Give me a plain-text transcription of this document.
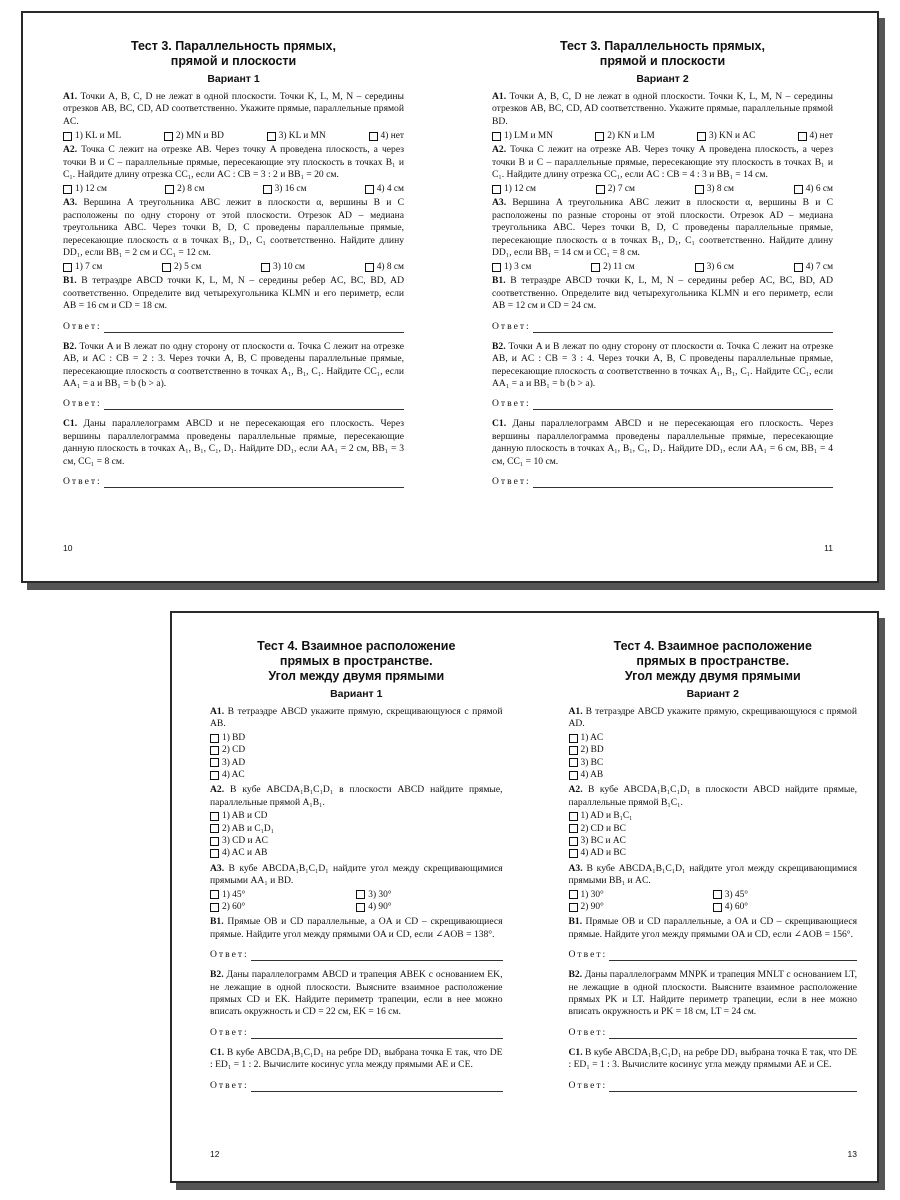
Тест 3. Параллельность прямых,
прямой и плоскости
Вариант 1

А1. Точки A, B, C, D не лежат в одной плоскости. Точки K, L, M, N – середины отрезков AB, BC, CD, AD соответственно. Укажите прямые, параллельные прямой AC.

1) KL и ML	2) MN и BD	3) KL и MN	4) нет

А2. Точка C лежит на отрезке AB. Через точку A проведена плоскость, а через точки B и C – параллельные прямые, пересекающие эту плоскость в точках B₁ и C₁. Найдите длину отрезка CC₁, если AC : CB = 3 : 2 и BB₁ = 20 см.

1) 12 см	2) 8 см	3) 16 см	4) 4 см

А3. Вершина A треугольника ABC лежит в плоскости α, вершины B и C расположены по одну сторону от этой плоскости. Отрезок AD – медиана треугольника ABC. Через точки B, D, C проведены параллельные прямые, пересекающие плоскость α в точках B₁, D₁, C₁ соответственно. Найдите длину DD₁, если BB₁ = 2 см и CC₁ = 12 см.

1) 7 см	2) 5 см	3) 10 см	4) 8 см

В1. В тетраэдре ABCD точки K, L, M, N – середины ребер AC, BC, BD, AD соответственно. Определите вид четырехугольника KLMN и его периметр, если AB = 16 см и CD = 18 см.

Ответ:

В2. Точки A и B лежат по одну сторону от плоскости α. Точка C лежит на отрезке AB, и AC : CB = 2 : 3. Через точки A, B, C проведены параллельные прямые, пересекающие плоскость α соответственно в точках A₁, B₁, C₁. Найдите CC₁, если AA₁ = a и BB₁ = b (b > a).

Ответ:

С1. Даны параллелограмм ABCD и не пересекающая его плоскость. Через вершины параллелограмма проведены параллельные прямые, пересекающие данную плоскость в точках A₁, B₁, C₁, D₁. Найдите DD₁, если AA₁ = 2 см, BB₁ = 3 см, CC₁ = 8 см.

Ответ:
10
Тест 3. Параллельность прямых,
прямой и плоскости
Вариант 2

А1. Точки A, B, C, D не лежат в одной плоскости. Точки K, L, M, N – середины отрезков AB, BC, CD, AD соответственно. Укажите прямые, параллельные прямой BD.

1) LM и MN	2) KN и LM	3) KN и AC	4) нет

А2. Точка C лежит на отрезке AB. Через точку A проведена плоскость, а через точки B и C – параллельные прямые, пересекающие эту плоскость в точках B₁ и C₁. Найдите длину отрезка CC₁, если AC : CB = 4 : 3 и BB₁ = 14 см.

1) 12 см	2) 7 см	3) 8 см	4) 6 см

А3. Вершина A треугольника ABC лежит в плоскости α, вершины B и C расположены по разные стороны от этой плоскости. Отрезок AD – медиана треугольника ABC. Через точки B, D, C проведены параллельные прямые, пересекающие плоскость α в точках B₁, D₁, C₁ соответственно. Найдите длину DD₁, если BB₁ = 14 см и CC₁ = 8 см.

1) 3 см	2) 11 см	3) 6 см	4) 7 см

В1. В тетраэдре ABCD точки K, L, M, N – середины ребер AC, BC, BD, AD соответственно. Определите вид четырехугольника KLMN и его периметр, если AB = 12 см и CD = 24 см.

Ответ:

В2. Точки A и B лежат по одну сторону от плоскости α. Точка C лежит на отрезке AB, и AC : CB = 3 : 4. Через точки A, B, C проведены параллельные прямые, пересекающие плоскость α соответственно в точках A₁, B₁, C₁. Найдите CC₁, если AA₁ = a и BB₁ = b (b > a).

Ответ:

С1. Даны параллелограмм ABCD и не пересекающая его плоскость. Через вершины параллелограмма проведены параллельные прямые, пересекающие данную плоскость в точках A₁, B₁, C₁, D₁. Найдите DD₁, если AA₁ = 6 см, BB₁ = 4 см, CC₁ = 10 см.

Ответ:
11
Тест 4. Взаимное расположение
прямых в пространстве.
Угол между двумя прямыми
Вариант 1

А1. В тетраэдре ABCD укажите прямую, скрещивающуюся с прямой AB.

1) BD
2) CD
3) AD
4) AC

А2. В кубе ABCDA₁B₁C₁D₁ в плоскости ABCD найдите прямые, параллельные прямой A₁B₁.

1) AB и CD
2) AB и C₁D₁
3) CD и AC
4) AC и AB

А3. В кубе ABCDA₁B₁C₁D₁ найдите угол между скрещивающимися прямыми AA₁ и BD.

1) 45°	3) 30°
2) 60°	4) 90°

В1. Прямые OB и CD параллельные, а OA и CD – скрещивающиеся прямые. Найдите угол между прямыми OA и CD, если ∠AOB = 138°.

Ответ:

В2. Даны параллелограмм ABCD и трапеция ABEK с основанием EK, не лежащие в одной плоскости. Выясните взаимное расположение прямых CD и EK. Найдите периметр трапеции, если в нее можно вписать окружность и CD = 22 см, EK = 16 см.

Ответ:

С1. В кубе ABCDA₁B₁C₁D₁ на ребре DD₁ выбрана точка E так, что DE : ED₁ = 1 : 2. Вычислите косинус угла между прямыми AE и CE.

Ответ:
12
Тест 4. Взаимное расположение
прямых в пространстве.
Угол между двумя прямыми
Вариант 2

А1. В тетраэдре ABCD укажите прямую, скрещивающуюся с прямой AD.

1) AC
2) BD
3) BC
4) AB

А2. В кубе ABCDA₁B₁C₁D₁ в плоскости ABCD найдите прямые, параллельные прямой B₁C₁.

1) AD и B₁C₁
2) CD и BC
3) BC и AC
4) AD и BC

А3. В кубе ABCDA₁B₁C₁D₁ найдите угол между скрещивающимися прямыми BB₁ и AC.

1) 30°	3) 45°
2) 90°	4) 60°

В1. Прямые OB и CD параллельные, а OA и CD – скрещивающиеся прямые. Найдите угол между прямыми OA и CD, если ∠AOB = 156°.

Ответ:

В2. Даны параллелограмм MNPK и трапеция MNLT с основанием LT, не лежащие в одной плоскости. Выясните взаимное расположение прямых PK и LT. Найдите периметр трапеции, если в нее можно вписать окружность и PK = 18 см, LT = 24 см.

Ответ:

С1. В кубе ABCDA₁B₁C₁D₁ на ребре DD₁ выбрана точка E так, что DE : ED₁ = 1 : 3. Вычислите косинус угла между прямыми AE и CE.

Ответ:
13
